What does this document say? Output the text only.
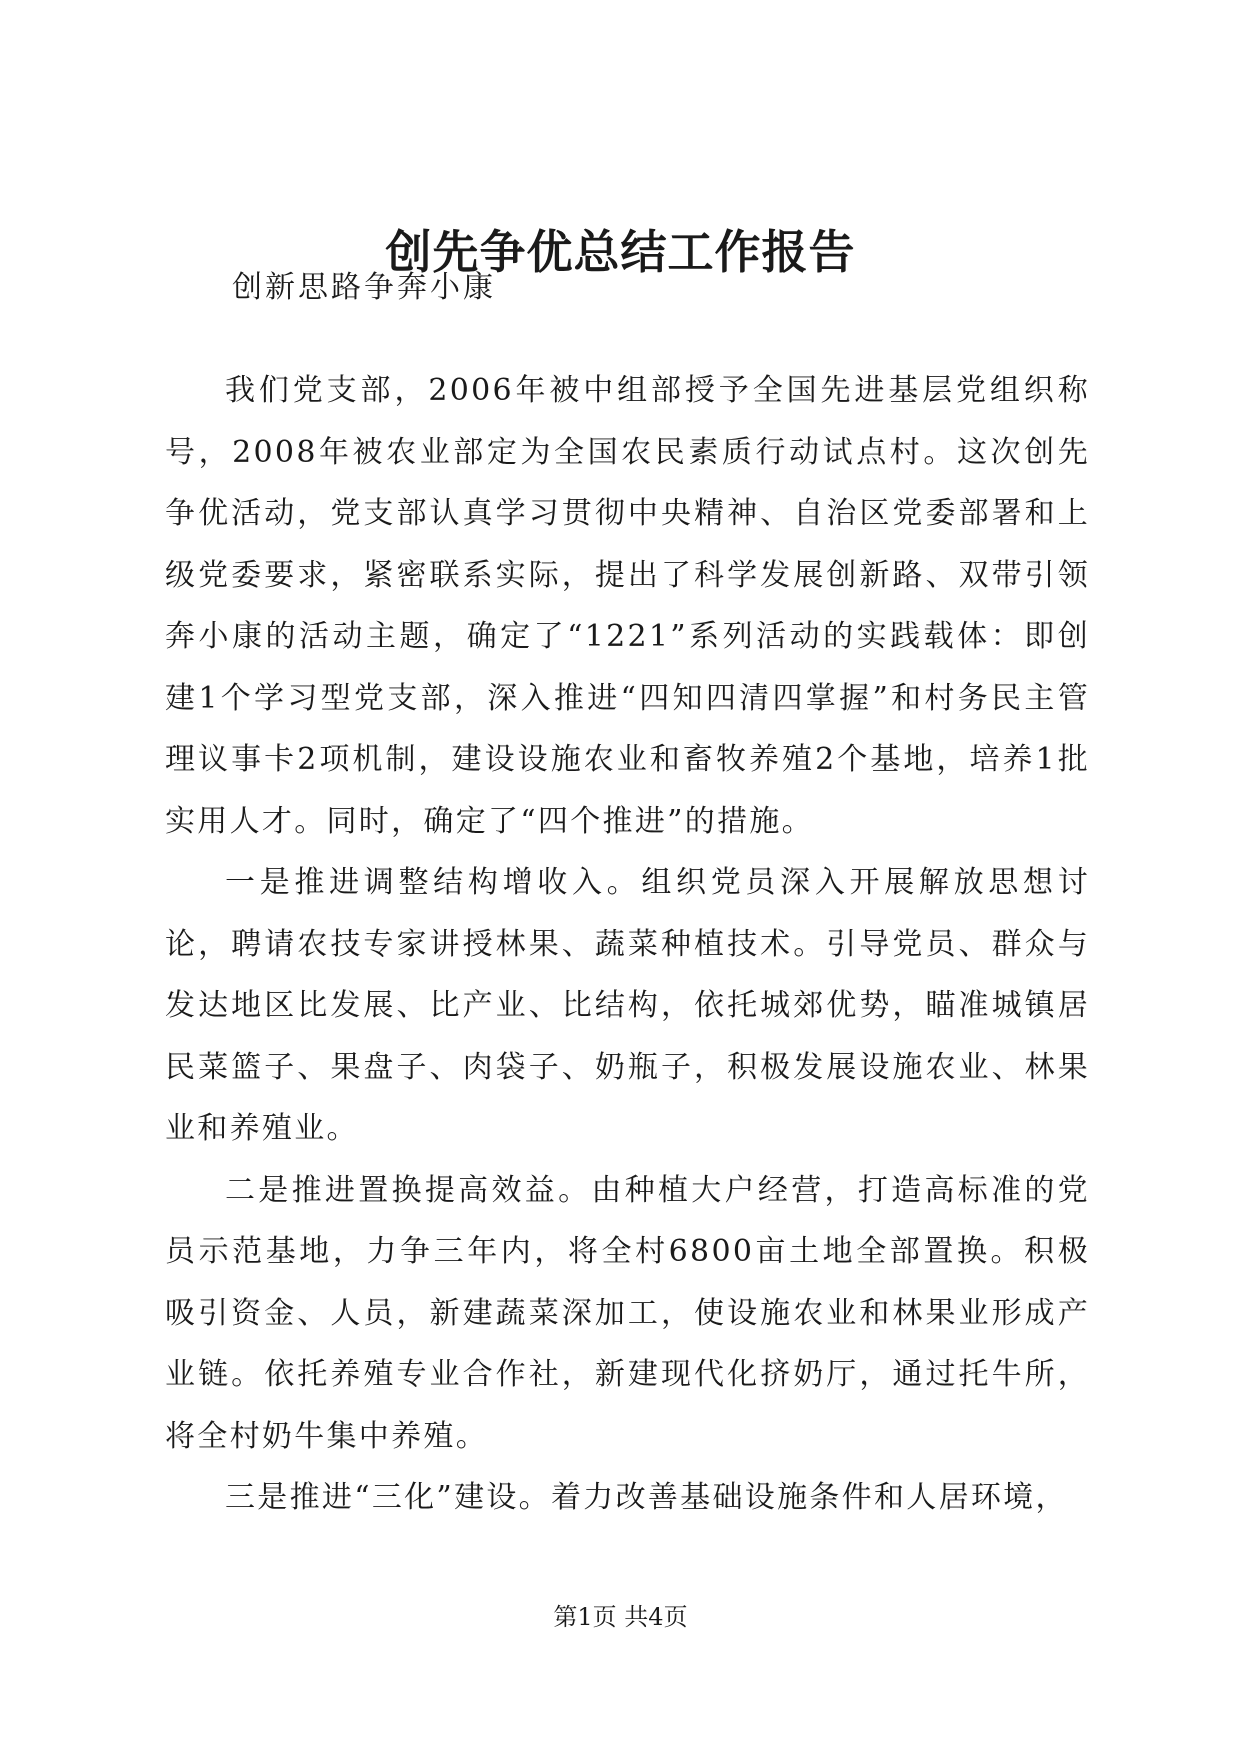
创先争优总结工作报告

创新思路争奔小康

我们党支部，2006年被中组部授予全国先进基层党组织称号，2008年被农业部定为全国农民素质行动试点村。这次创先争优活动，党支部认真学习贯彻中央精神、自治区党委部署和上级党委要求，紧密联系实际，提出了科学发展创新路、双带引领奔小康的活动主题，确定了“1221”系列活动的实践载体：即创建1个学习型党支部，深入推进“四知四清四掌握”和村务民主管理议事卡2项机制，建设设施农业和畜牧养殖2个基地，培养1批实用人才。同时，确定了“四个推进”的措施。

一是推进调整结构增收入。组织党员深入开展解放思想讨论，聘请农技专家讲授林果、蔬菜种植技术。引导党员、群众与发达地区比发展、比产业、比结构，依托城郊优势，瞄准城镇居民菜篮子、果盘子、肉袋子、奶瓶子，积极发展设施农业、林果业和养殖业。

二是推进置换提高效益。由种植大户经营，打造高标准的党员示范基地，力争三年内，将全村6800亩土地全部置换。积极吸引资金、人员，新建蔬菜深加工，使设施农业和林果业形成产业链。依托养殖专业合作社，新建现代化挤奶厅，通过托牛所，将全村奶牛集中养殖。

三是推进“三化”建设。着力改善基础设施条件和人居环境，

第1页 共4页
